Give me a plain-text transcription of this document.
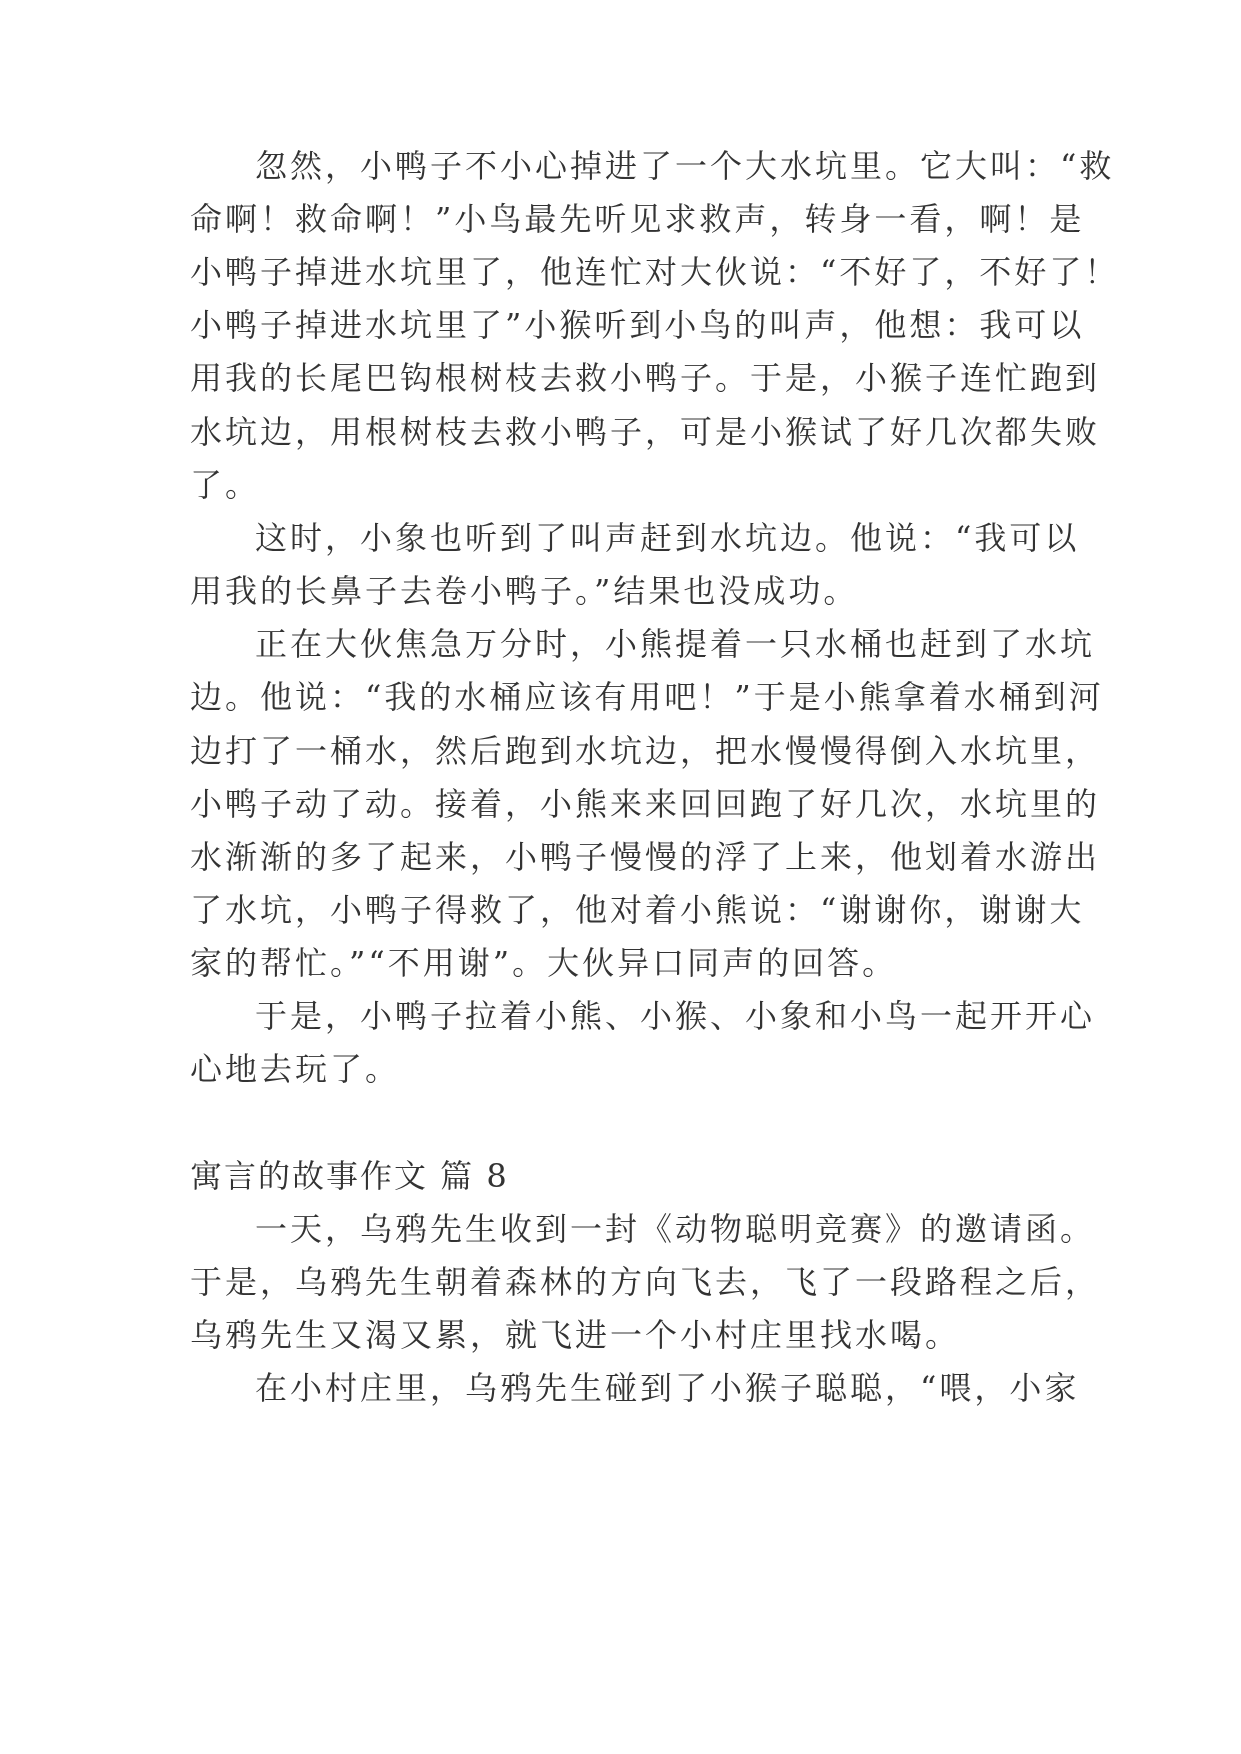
忽然，小鸭子不小心掉进了一个大水坑里。它大叫：“救
命啊！救命啊！”小鸟最先听见求救声，转身一看，啊！是
小鸭子掉进水坑里了，他连忙对大伙说：“不好了，不好了！
小鸭子掉进水坑里了”小猴听到小鸟的叫声，他想：我可以
用我的长尾巴钩根树枝去救小鸭子。于是，小猴子连忙跑到
水坑边，用根树枝去救小鸭子，可是小猴试了好几次都失败
了。
这时，小象也听到了叫声赶到水坑边。他说：“我可以
用我的长鼻子去卷小鸭子。”结果也没成功。
正在大伙焦急万分时，小熊提着一只水桶也赶到了水坑
边。他说：“我的水桶应该有用吧！”于是小熊拿着水桶到河
边打了一桶水，然后跑到水坑边，把水慢慢得倒入水坑里，
小鸭子动了动。接着，小熊来来回回跑了好几次，水坑里的
水渐渐的多了起来，小鸭子慢慢的浮了上来，他划着水游出
了水坑，小鸭子得救了，他对着小熊说：“谢谢你，谢谢大
家的帮忙。”“不用谢”。大伙异口同声的回答。
于是，小鸭子拉着小熊、小猴、小象和小鸟一起开开心
心地去玩了。
寓言的故事作文 篇 8
一天，乌鸦先生收到一封《动物聪明竞赛》的邀请函。
于是，乌鸦先生朝着森林的方向飞去，飞了一段路程之后，
乌鸦先生又渴又累，就飞进一个小村庄里找水喝。
在小村庄里，乌鸦先生碰到了小猴子聪聪，“喂，小家
